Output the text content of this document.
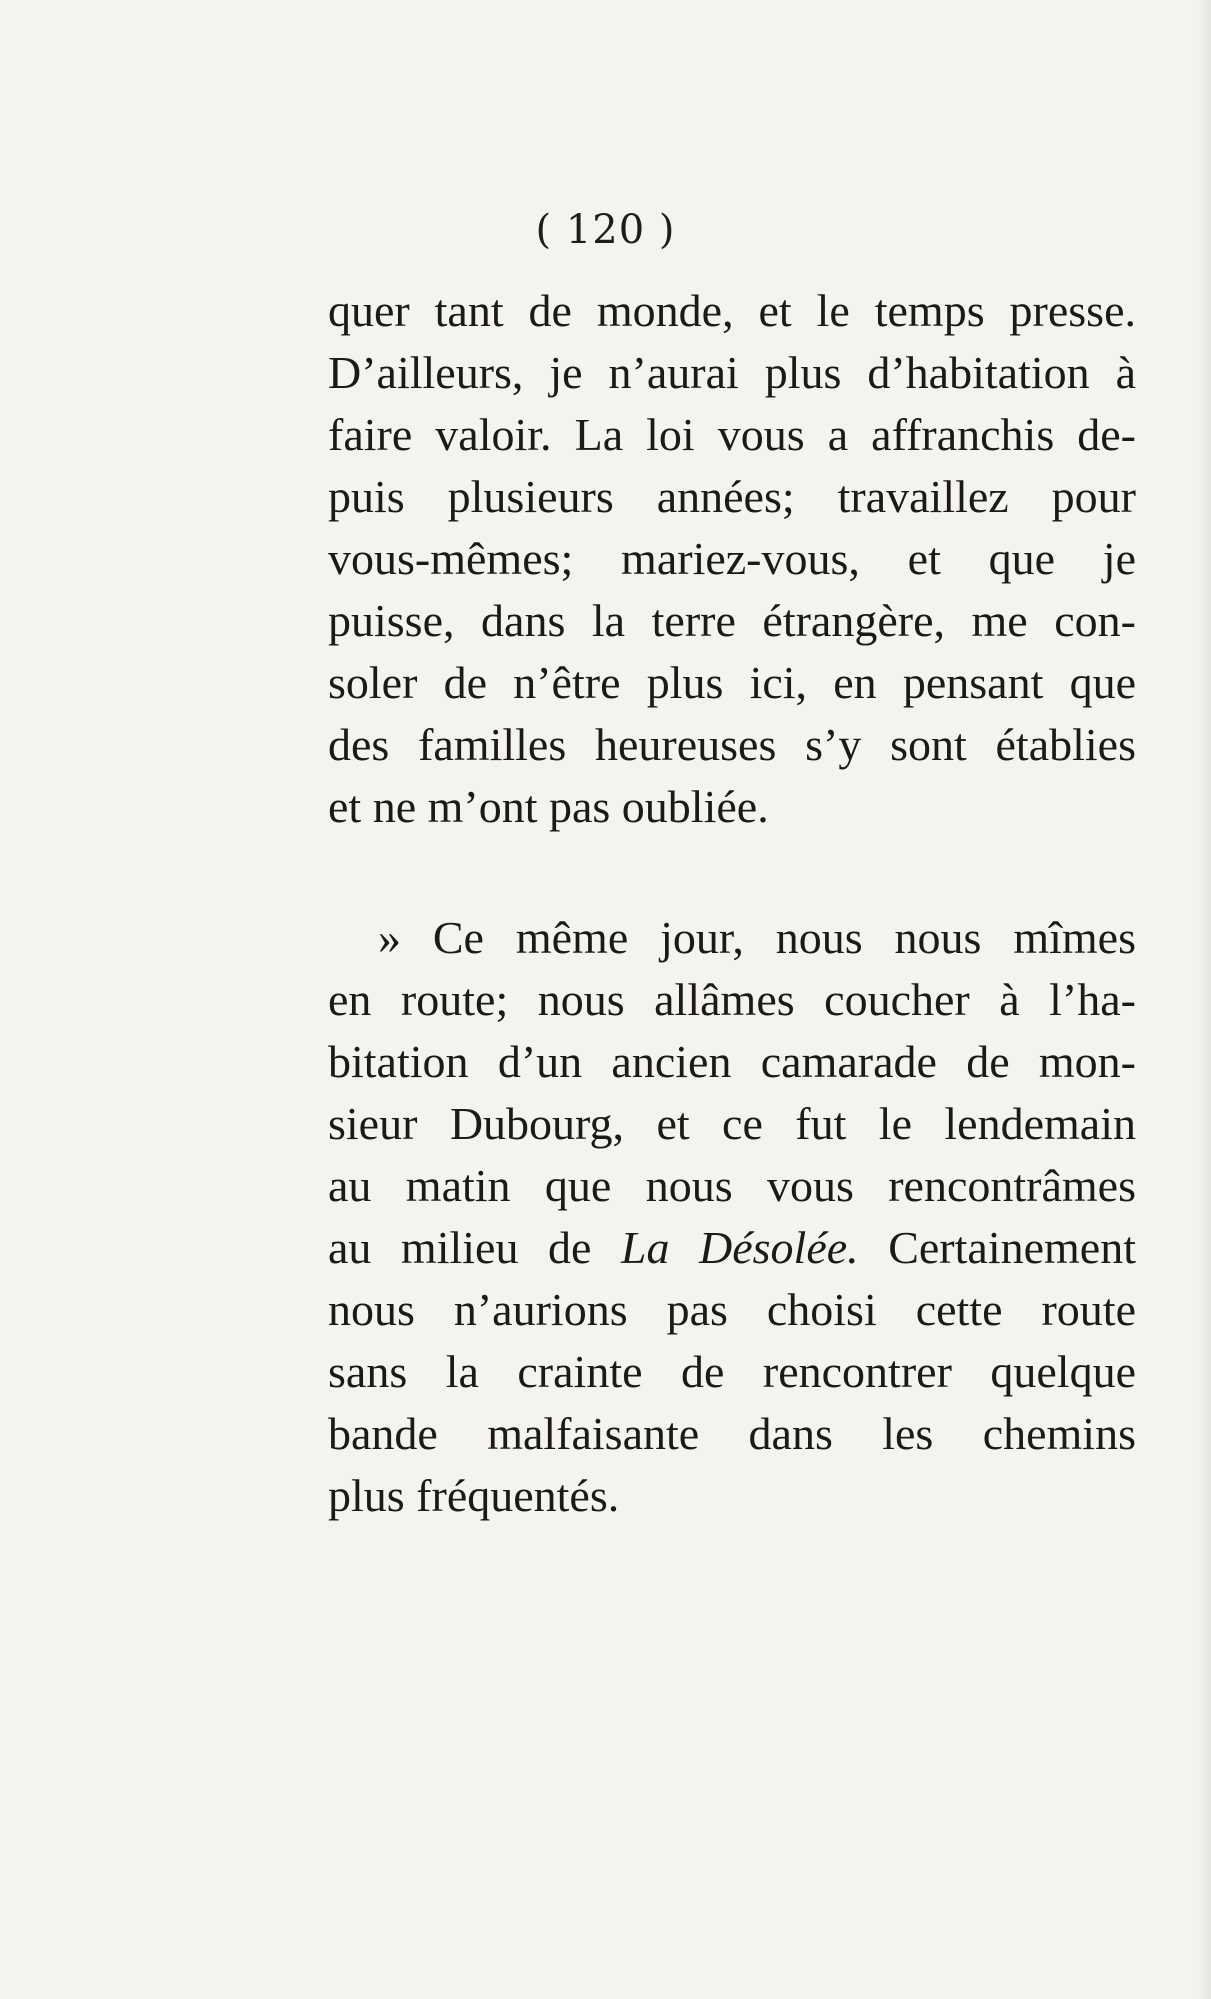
( 120 )
quer tant de monde, et le temps presse.
D’ailleurs, je n’aurai plus d’habitation à
faire valoir. La loi vous a affranchis de-
puis plusieurs années; travaillez pour
vous-mêmes; mariez-vous, et que je
puisse, dans la terre étrangère, me con-
soler de n’être plus ici, en pensant que
des familles heureuses s’y sont établies
et ne m’ont pas oubliée.
» Ce même jour, nous nous mîmes
en route; nous allâmes coucher à l’ha-
bitation d’un ancien camarade de mon-
sieur Dubourg, et ce fut le lendemain
au matin que nous vous rencontrâmes
au milieu de La Désolée. Certainement
nous n’aurions pas choisi cette route
sans la crainte de rencontrer quelque
bande malfaisante dans les chemins
plus fréquentés.
